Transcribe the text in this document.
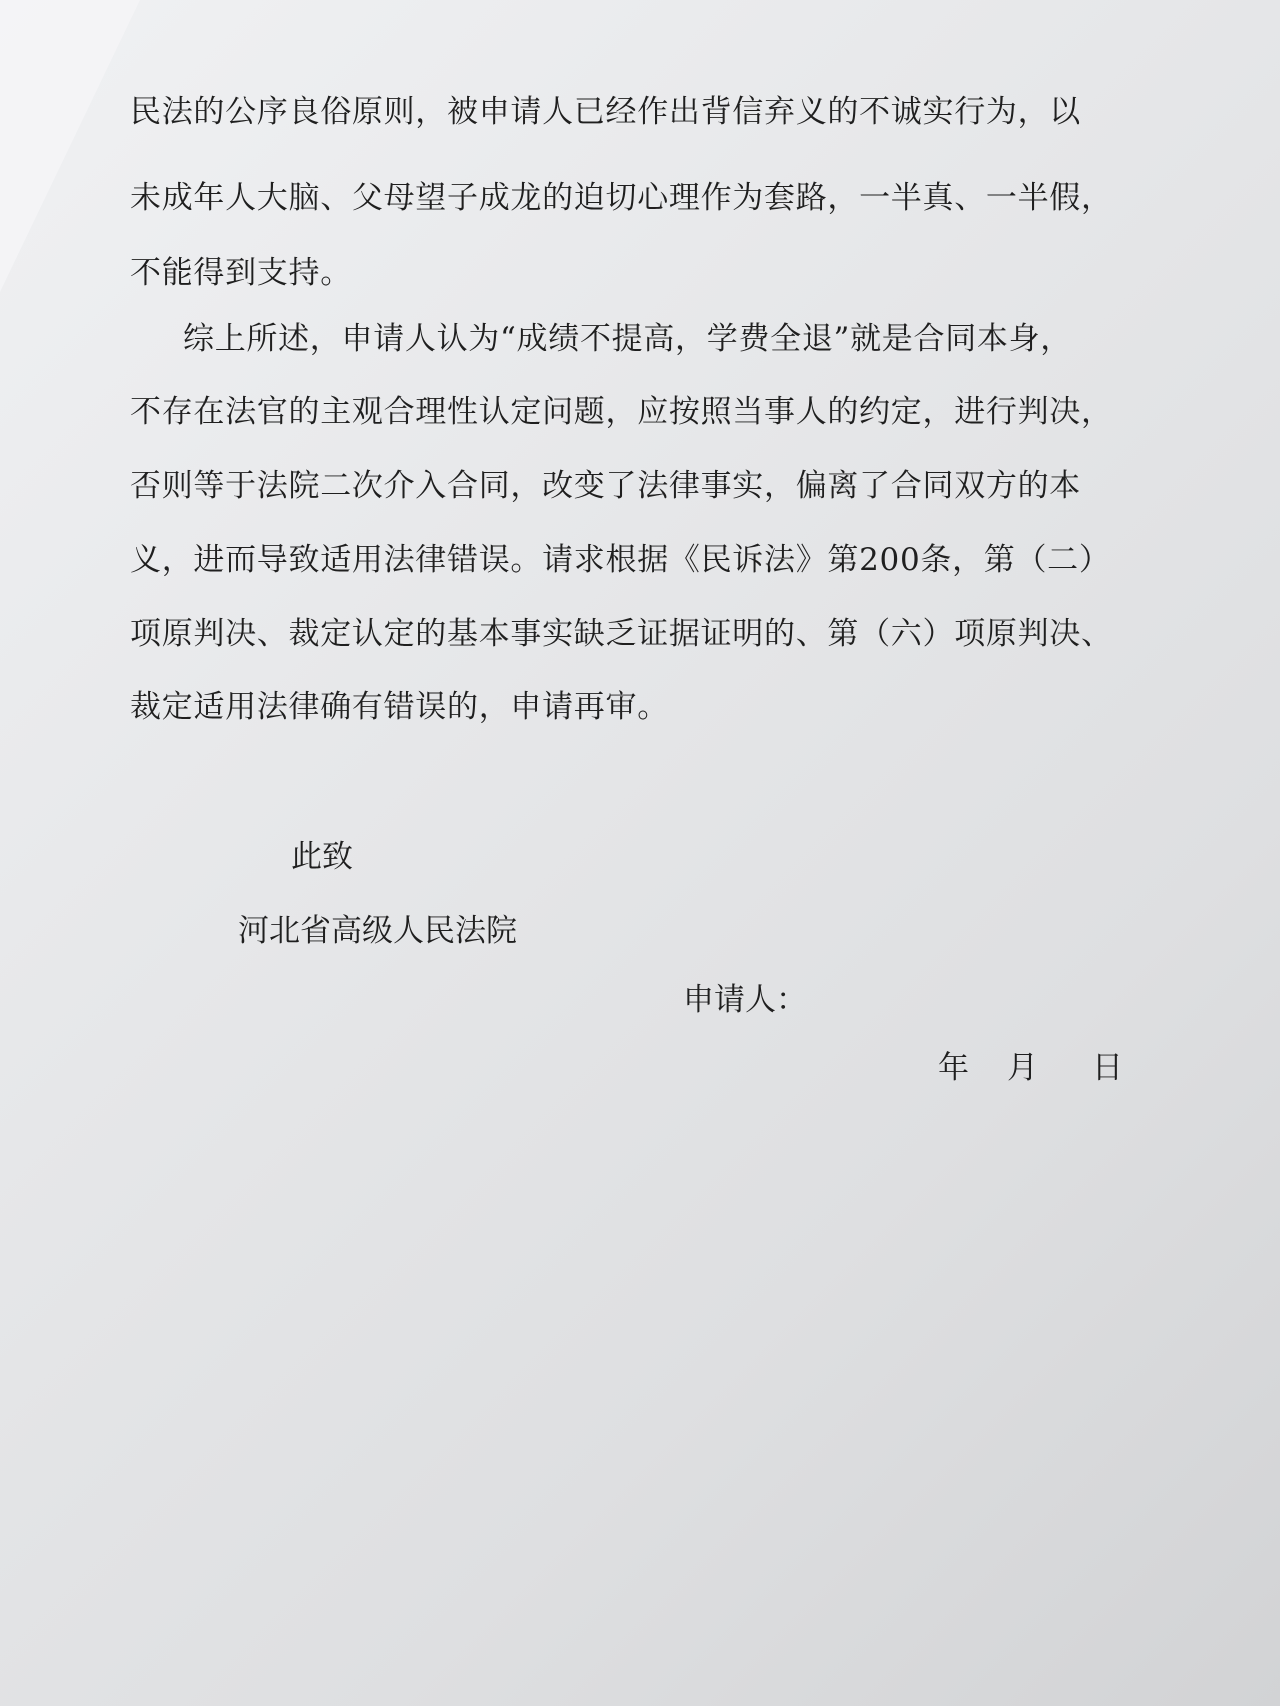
民法的公序良俗原则，被申请人已经作出背信弃义的不诚实行为，以
未成年人大脑、父母望子成龙的迫切心理作为套路，一半真、一半假，
不能得到支持。
综上所述，申请人认为“成绩不提高，学费全退”就是合同本身，
不存在法官的主观合理性认定问题，应按照当事人的约定，进行判决，
否则等于法院二次介入合同，改变了法律事实，偏离了合同双方的本
义，进而导致适用法律错误。请求根据《民诉法》第200条，第（二）
项原判决、裁定认定的基本事实缺乏证据证明的、第（六）项原判决、
裁定适用法律确有错误的，申请再审。
此致
河北省高级人民法院
申请人：
年 月 日
